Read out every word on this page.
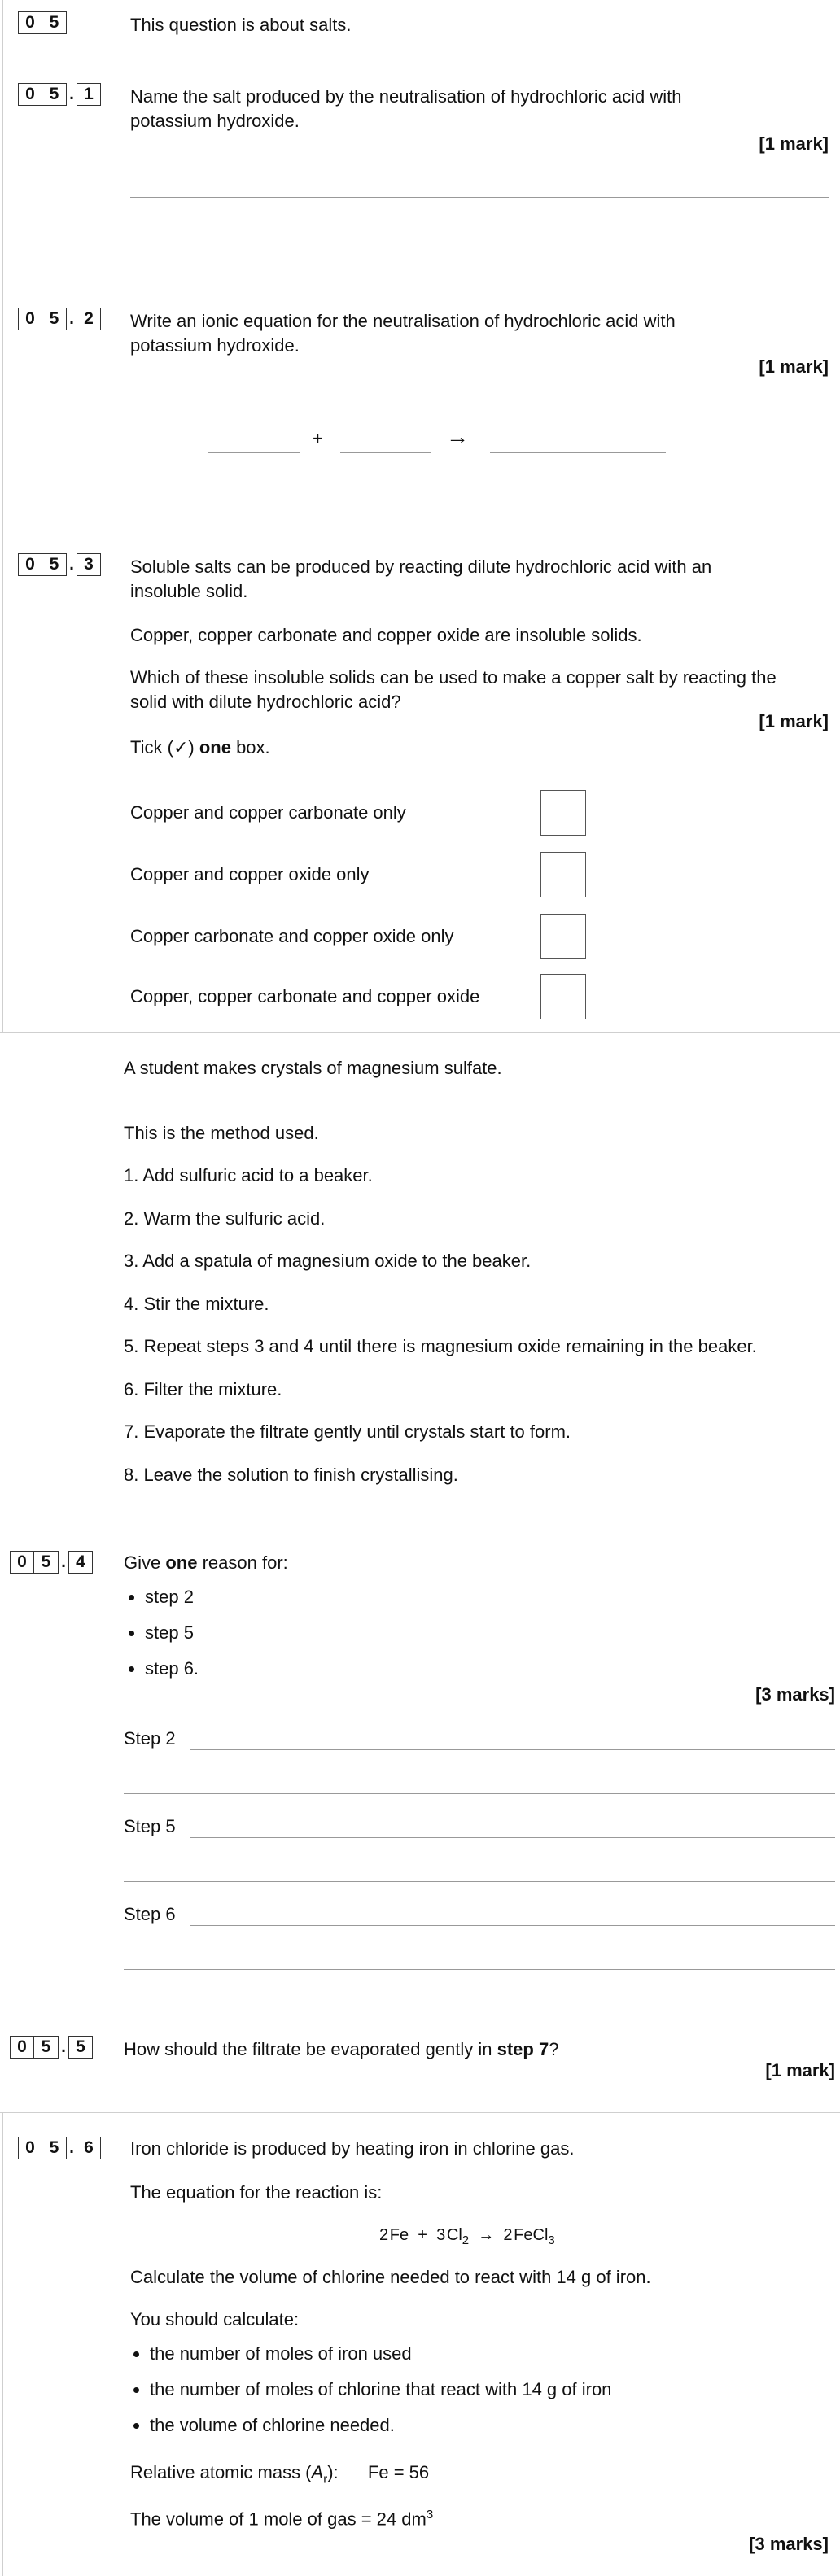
0 5	This question is about salts.
0 5 . 1	Name the salt produced by the neutralisation of hydrochloric acid with potassium hydroxide.
[1 mark]
0 5 . 2	Write an ionic equation for the neutralisation of hydrochloric acid with potassium hydroxide.
[1 mark]
+	→
0 5 . 3	Soluble salts can be produced by reacting dilute hydrochloric acid with an insoluble solid.
Copper, copper carbonate and copper oxide are insoluble solids.
Which of these insoluble solids can be used to make a copper salt by reacting the solid with dilute hydrochloric acid?
[1 mark]
Tick (✓) one box.
Copper and copper carbonate only
Copper and copper oxide only
Copper carbonate and copper oxide only
Copper, copper carbonate and copper oxide
A student makes crystals of magnesium sulfate.
This is the method used.
1. Add sulfuric acid to a beaker.
2. Warm the sulfuric acid.
3. Add a spatula of magnesium oxide to the beaker.
4. Stir the mixture.
5. Repeat steps 3 and 4 until there is magnesium oxide remaining in the beaker.
6. Filter the mixture.
7. Evaporate the filtrate gently until crystals start to form.
8. Leave the solution to finish crystallising.
0 5 . 4	Give one reason for:
• step 2
• step 5
• step 6.
[3 marks]
Step 2
Step 5
Step 6
0 5 . 5	How should the filtrate be evaporated gently in step 7?
[1 mark]
0 5 . 6	Iron chloride is produced by heating iron in chlorine gas.
The equation for the reaction is:
2 Fe + 3 $Cl_2 \to 2$ FeCl$_3$
Calculate the volume of chlorine needed to react with 14 g of iron.
You should calculate:
• the number of moles of iron used
• the number of moles of chlorine that react with 14 g of iron
• the volume of chlorine needed.
Relative atomic mass $(A_r)$: Fe = 56
The volume of 1 mole of gas = 24 $dm^3$
[3 marks]
